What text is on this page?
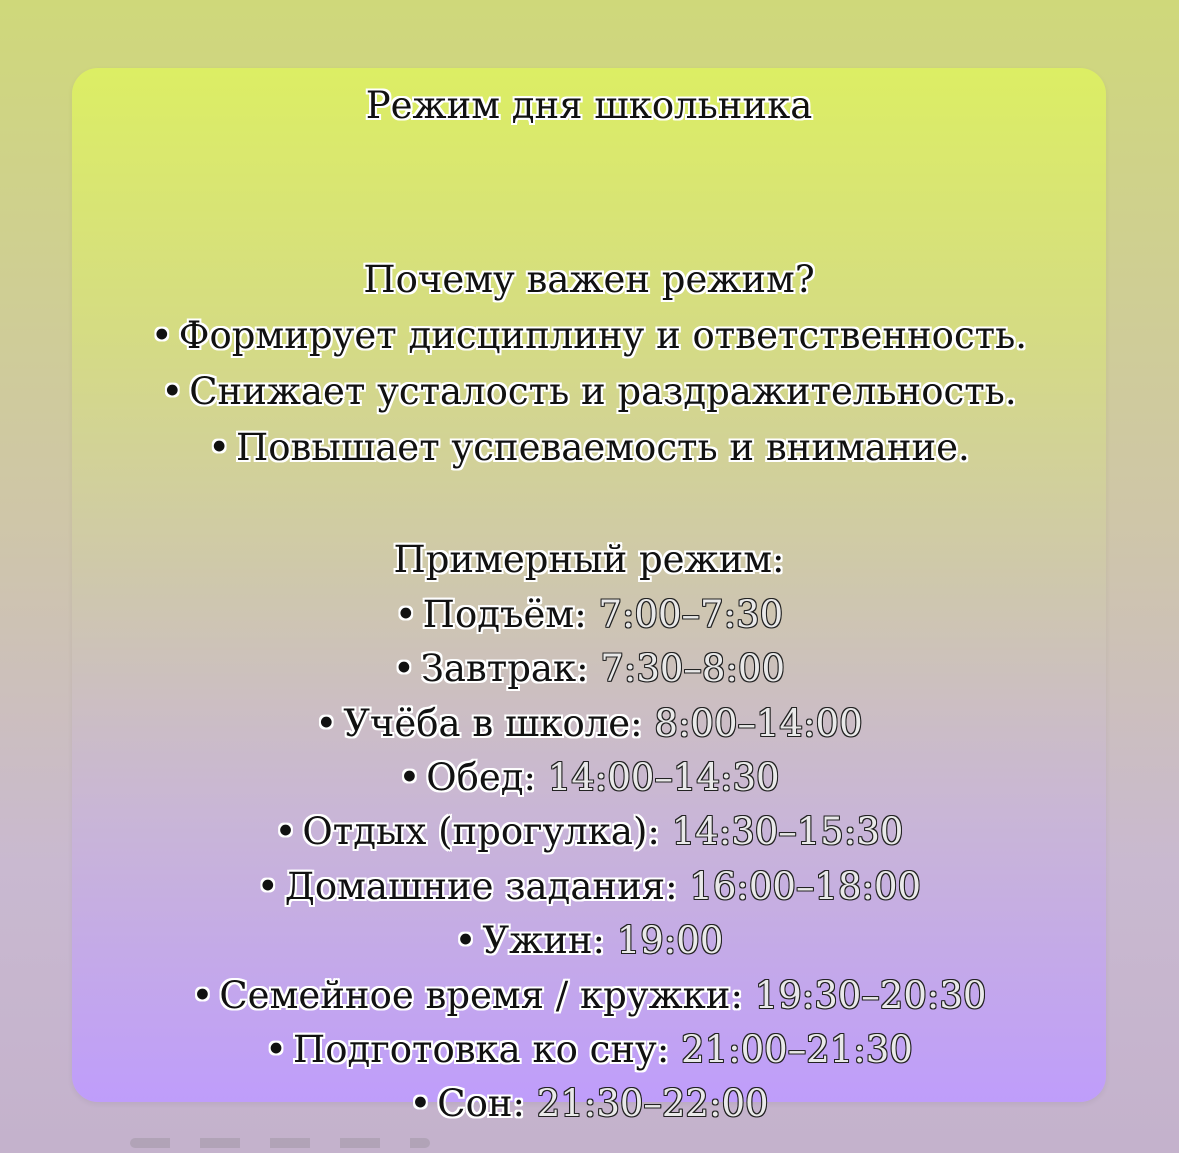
Режим дня школьника
Почему важен режим?
• Формирует дисциплину и ответственность.
• Снижает усталость и раздражительность.
• Повышает успеваемость и внимание.
Примерный режим:
• Подъём: 7:00–7:30
• Завтрак: 7:30–8:00
• Учёба в школе: 8:00–14:00
• Обед: 14:00–14:30
• Отдых (прогулка): 14:30–15:30
• Домашние задания: 16:00–18:00
• Ужин: 19:00
• Семейное время / кружки: 19:30–20:30
• Подготовка ко сну: 21:00–21:30
• Сон: 21:30–22:00
